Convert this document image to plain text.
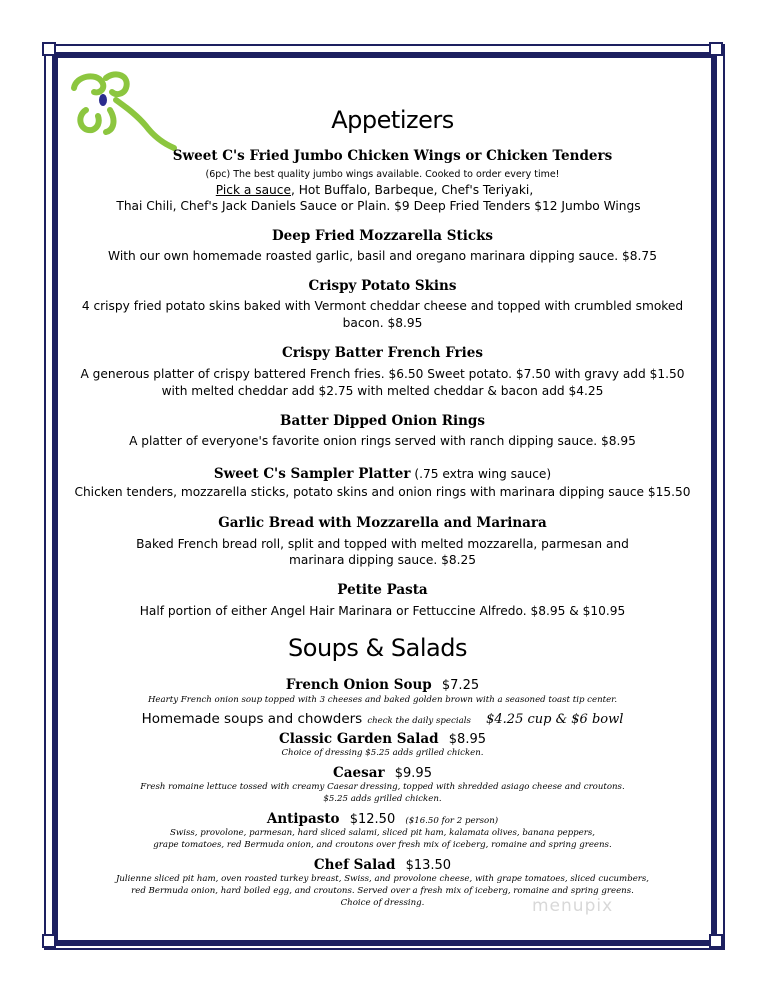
Appetizers
Sweet C's Fried Jumbo Chicken Wings or Chicken Tenders
(6pc) The best quality jumbo wings available. Cooked to order every time!
Pick a sauce, Hot Buffalo, Barbeque, Chef's Teriyaki,
Thai Chili, Chef's Jack Daniels Sauce or Plain. $9 Deep Fried Tenders $12 Jumbo Wings
Deep Fried Mozzarella Sticks
With our own homemade roasted garlic, basil and oregano marinara dipping sauce. $8.75
Crispy Potato Skins
4 crispy fried potato skins baked with Vermont cheddar cheese and topped with crumbled smoked
bacon. $8.95
Crispy Batter French Fries
A generous platter of crispy battered French fries. $6.50 Sweet potato. $7.50 with gravy add $1.50
with melted cheddar add $2.75 with melted cheddar & bacon add $4.25
Batter Dipped Onion Rings
A platter of everyone's favorite onion rings served with ranch dipping sauce. $8.95
Sweet C's Sampler Platter (.75 extra wing sauce)
Chicken tenders, mozzarella sticks, potato skins and onion rings with marinara dipping sauce $15.50
Garlic Bread with Mozzarella and Marinara
Baked French bread roll, split and topped with melted mozzarella, parmesan and
marinara dipping sauce. $8.25
Petite Pasta
Half portion of either Angel Hair Marinara or Fettuccine Alfredo. $8.95 & $10.95
Soups & Salads
French Onion Soup $7.25
Hearty French onion soup topped with 3 cheeses and baked golden brown with a seasoned toast tip center.
Homemade soups and chowders check the daily specials $4.25 cup & $6 bowl
Classic Garden Salad $8.95
Choice of dressing $5.25 adds grilled chicken.
Caesar $9.95
Fresh romaine lettuce tossed with creamy Caesar dressing, topped with shredded asiago cheese and croutons.
$5.25 adds grilled chicken.
Antipasto $12.50 ($16.50 for 2 person)
Swiss, provolone, parmesan, hard sliced salami, sliced pit ham, kalamata olives, banana peppers,
grape tomatoes, red Bermuda onion, and croutons over fresh mix of iceberg, romaine and spring greens.
Chef Salad $13.50
Julienne sliced pit ham, oven roasted turkey breast, Swiss, and provolone cheese, with grape tomatoes, sliced cucumbers,
red Bermuda onion, hard boiled egg, and croutons. Served over a fresh mix of iceberg, romaine and spring greens.
Choice of dressing.	menupix
